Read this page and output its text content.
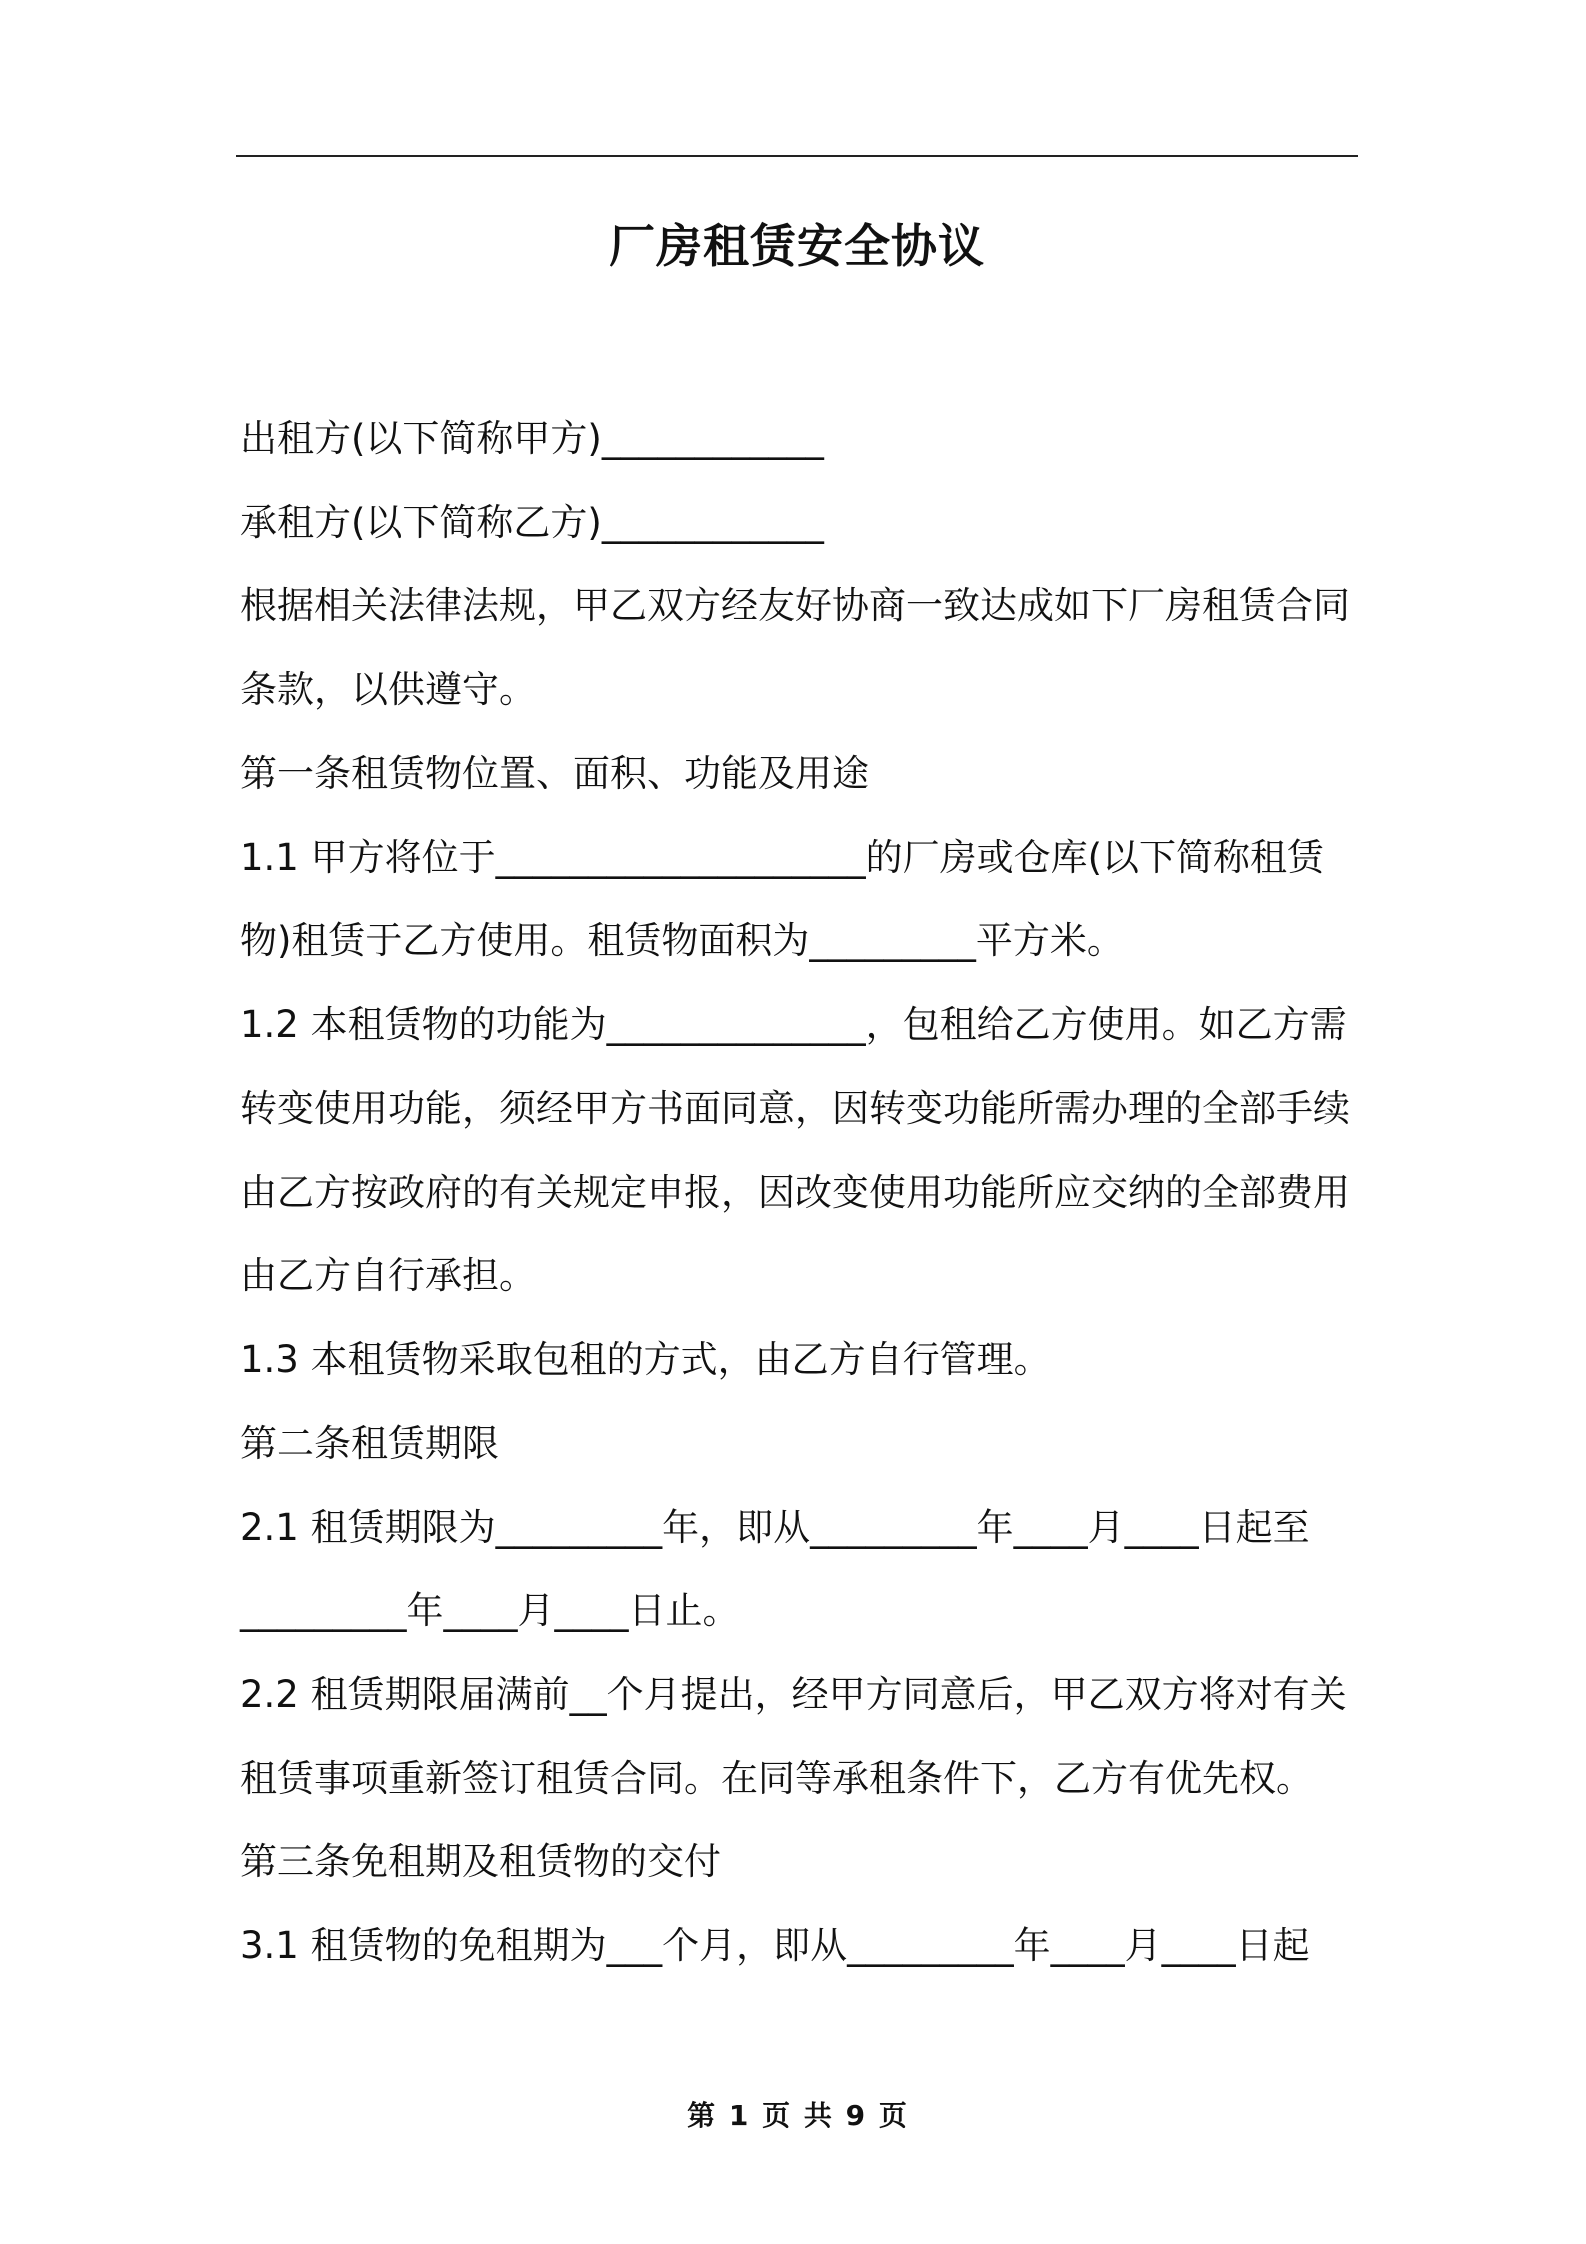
厂房租赁安全协议
出租方(以下简称甲方)____________
承租方(以下简称乙方)____________
根据相关法律法规，甲乙双方经友好协商一致达成如下厂房租赁合同
条款，以供遵守。
第一条租赁物位置、面积、功能及用途
1.1 甲方将位于____________________的厂房或仓库(以下简称租赁
物)租赁于乙方使用。租赁物面积为_________平方米。
1.2 本租赁物的功能为______________，包租给乙方使用。如乙方需
转变使用功能，须经甲方书面同意，因转变功能所需办理的全部手续
由乙方按政府的有关规定申报，因改变使用功能所应交纳的全部费用
由乙方自行承担。
1.3 本租赁物采取包租的方式，由乙方自行管理。
第二条租赁期限
2.1 租赁期限为_________年，即从_________年____月____日起至
_________年____月____日止。
2.2 租赁期限届满前__个月提出，经甲方同意后，甲乙双方将对有关
租赁事项重新签订租赁合同。在同等承租条件下，乙方有优先权。
第三条免租期及租赁物的交付
3.1 租赁物的免租期为___个月，即从_________年____月____日起
第 1 页 共 9 页
